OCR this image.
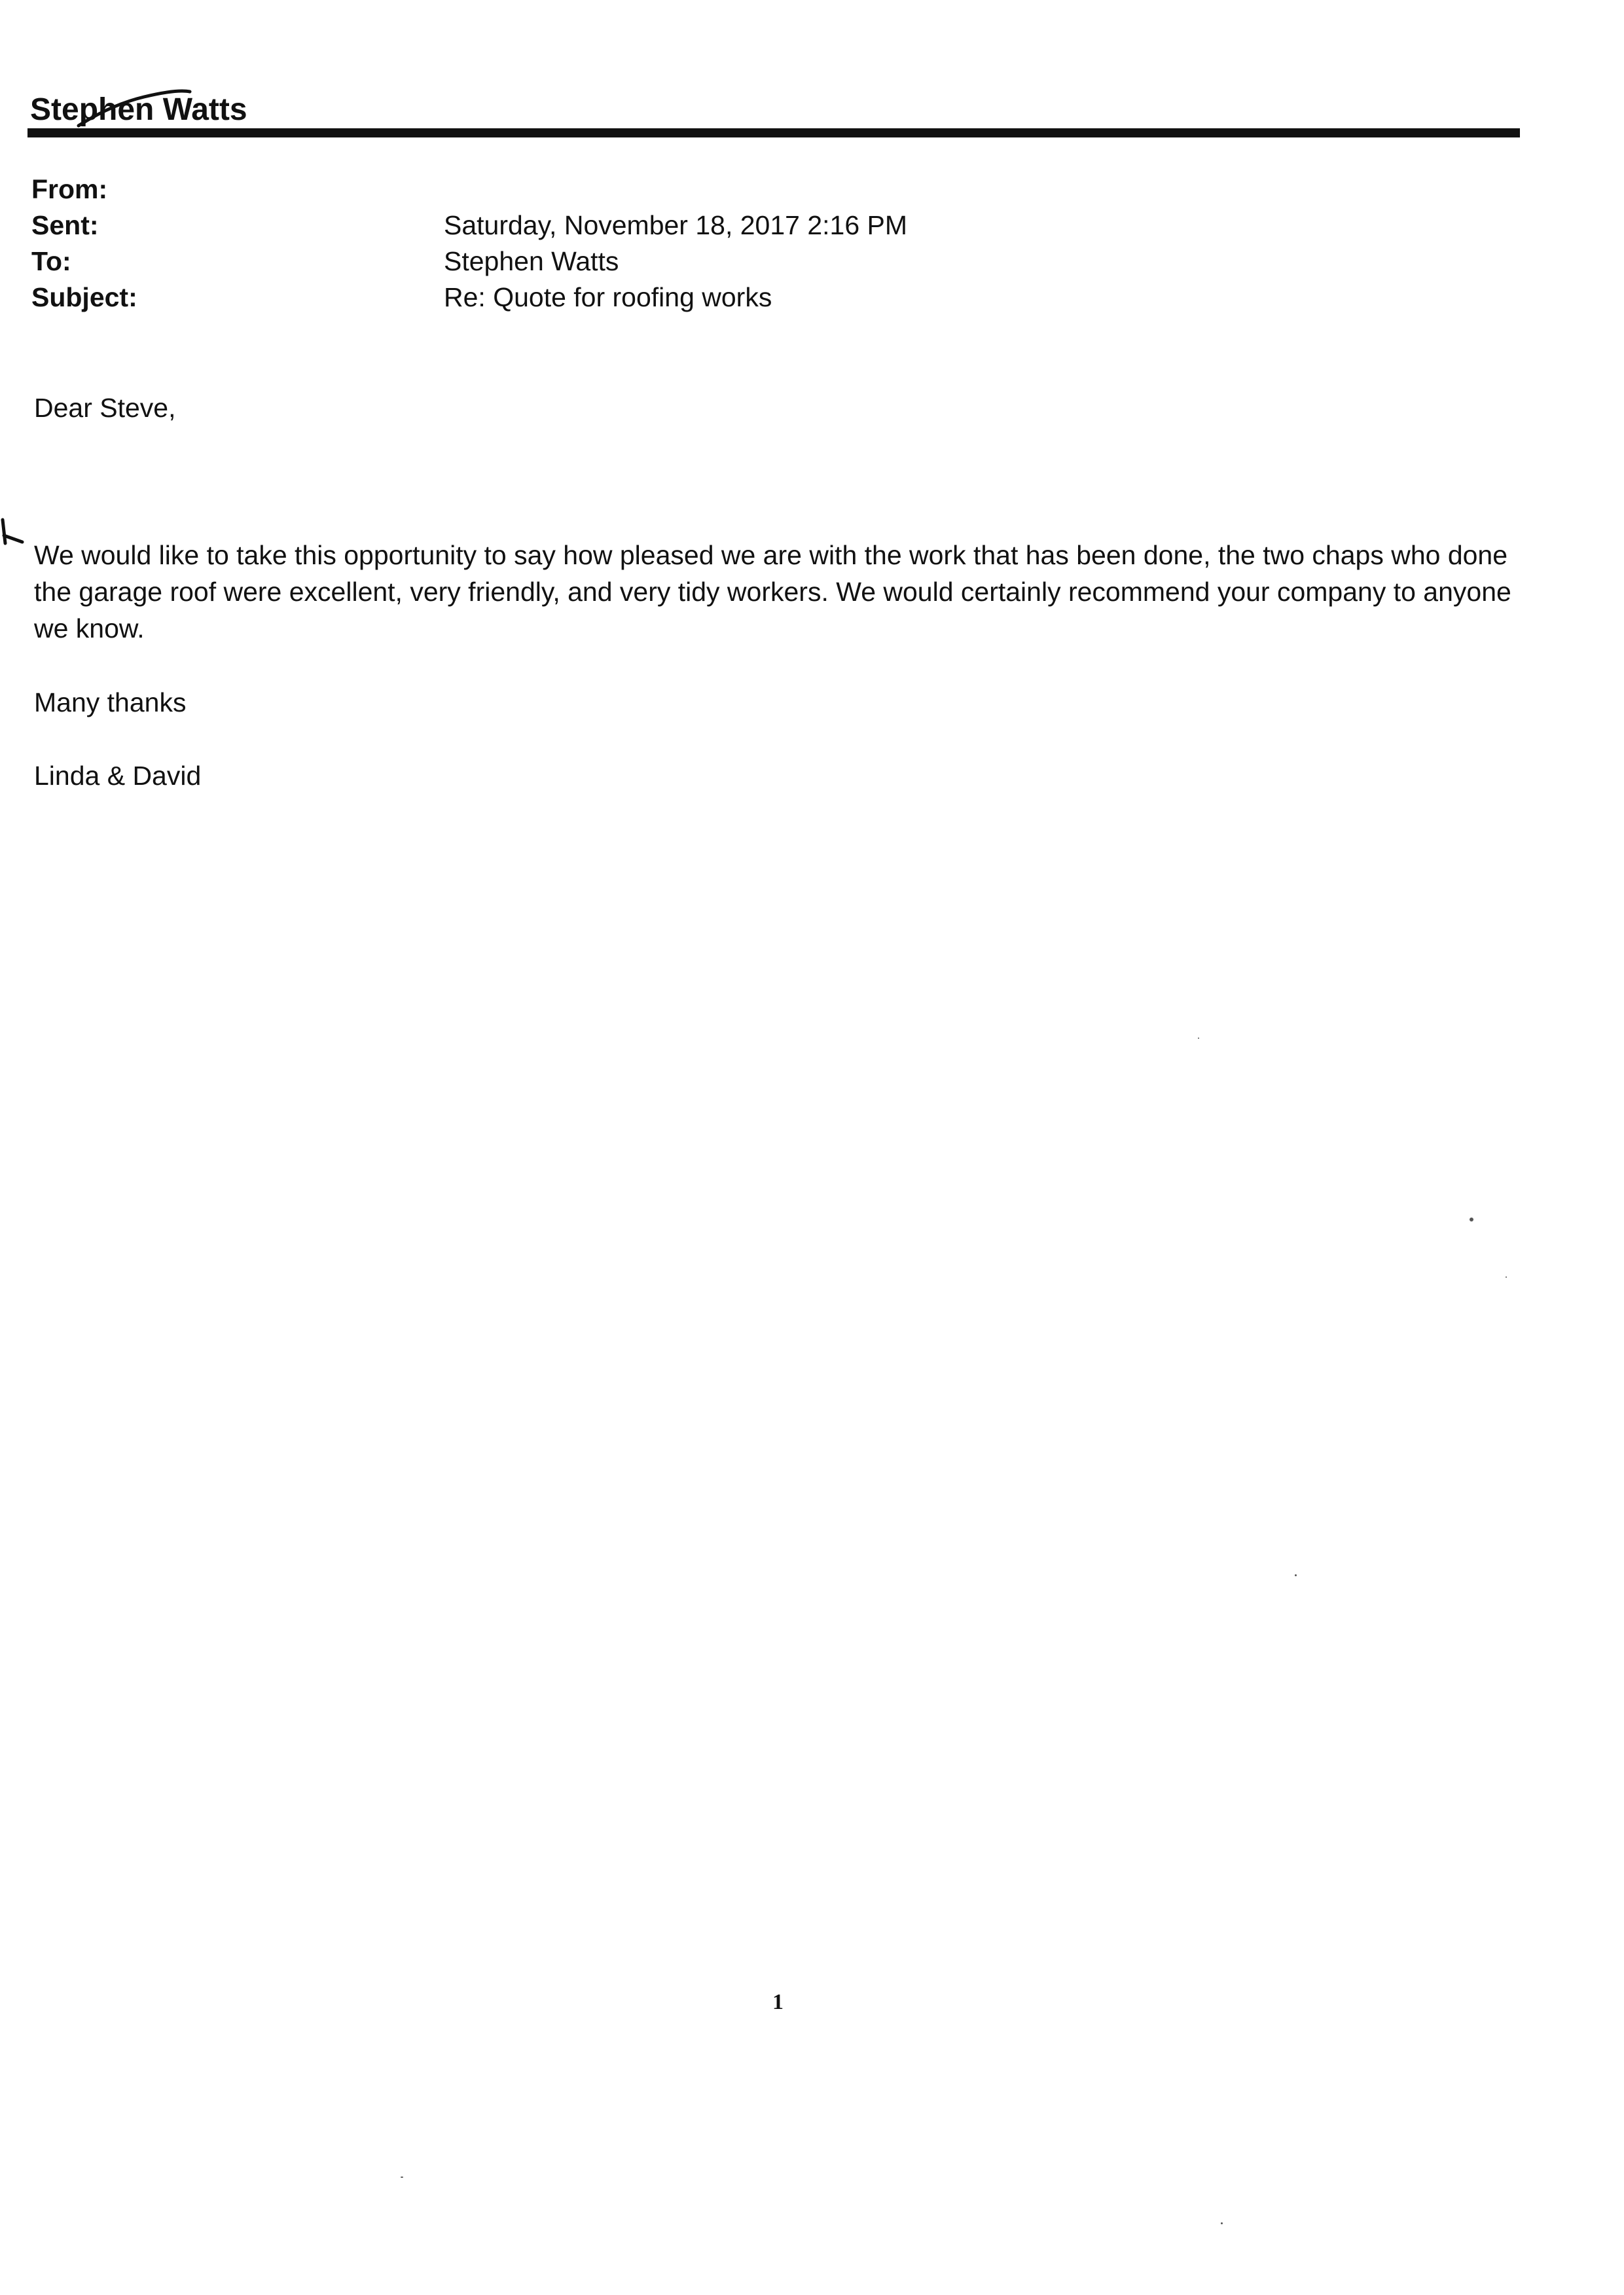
Stephen Watts
From:
Sent:	Saturday, November 18, 2017 2:16 PM
To:	Stephen Watts
Subject:	Re: Quote for roofing works
Dear Steve,
We would like to take this opportunity to say how pleased we are with the work that has been done, the two chaps who done the garage roof were excellent, very friendly, and very tidy workers. We would certainly recommend your company to anyone we know.
Many thanks
Linda & David
1
